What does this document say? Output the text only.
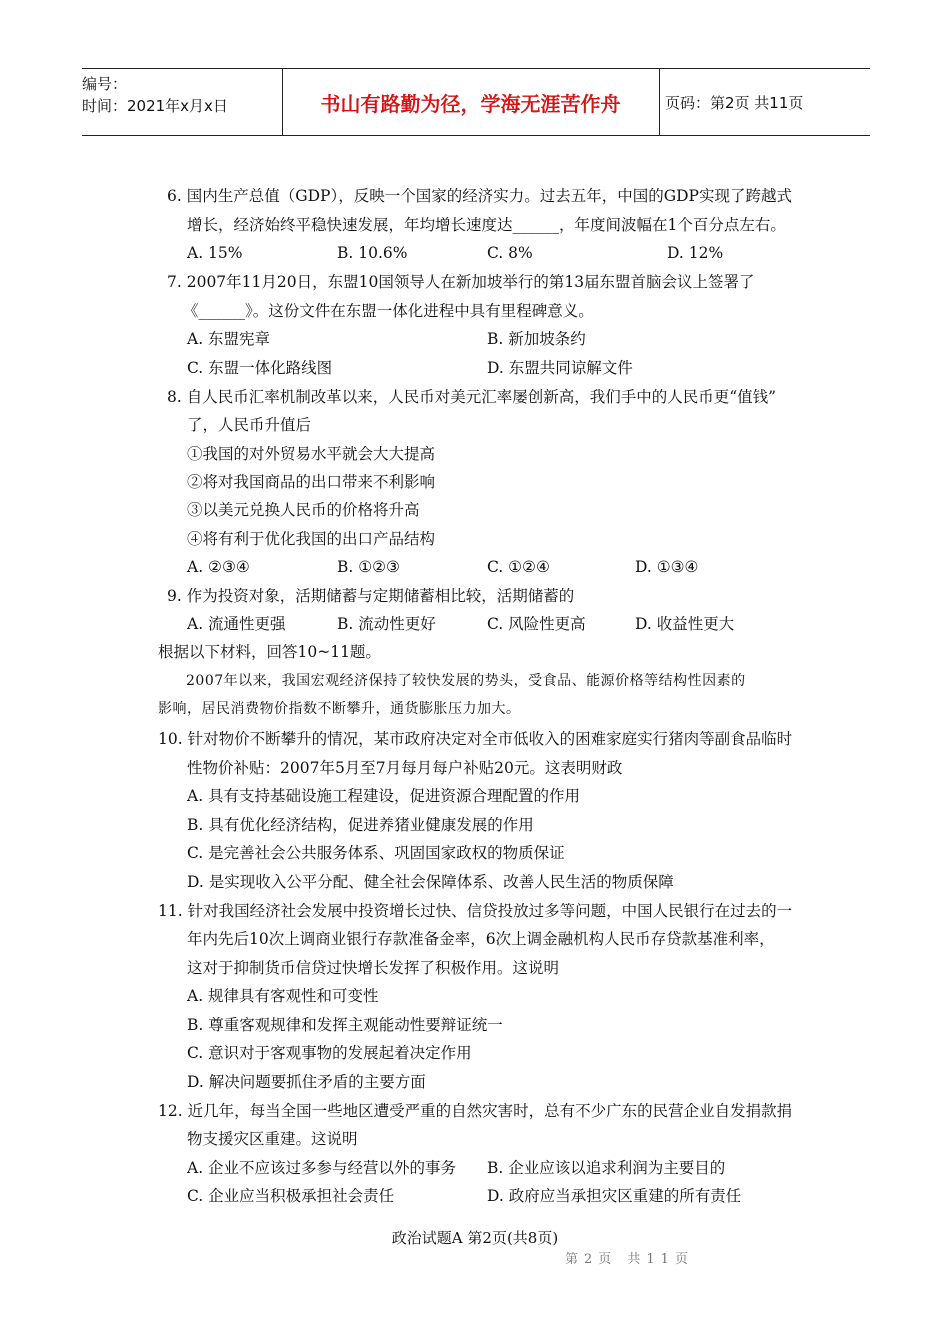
编号：
时间：2021年x月x日	书山有路勤为径，学海无涯苦作舟	页码：第2页 共11页
6. 国内生产总值（GDP），反映一个国家的经济实力。过去五年，中国的GDP实现了跨越式
增长，经济始终平稳快速发展，年均增长速度达______，年度间波幅在1个百分点左右。
A. 15%	B. 10.6%	C. 8%	D. 12%
7. 2007年11月20日，东盟10国领导人在新加坡举行的第13届东盟首脑会议上签署了
《______》。这份文件在东盟一体化进程中具有里程碑意义。
A. 东盟宪章	B. 新加坡条约
C. 东盟一体化路线图	D. 东盟共同谅解文件
8. 自人民币汇率机制改革以来，人民币对美元汇率屡创新高，我们手中的人民币更“值钱”
了，人民币升值后
①我国的对外贸易水平就会大大提高
②将对我国商品的出口带来不利影响
③以美元兑换人民币的价格将升高
④将有利于优化我国的出口产品结构
A. ②③④	B. ①②③	C. ①②④	D. ①③④
9. 作为投资对象，活期储蓄与定期储蓄相比较，活期储蓄的
A. 流通性更强	B. 流动性更好	C. 风险性更高	D. 收益性更大
根据以下材料，回答10~11题。
2007年以来，我国宏观经济保持了较快发展的势头，受食品、能源价格等结构性因素的
影响，居民消费物价指数不断攀升，通货膨胀压力加大。
10. 针对物价不断攀升的情况，某市政府决定对全市低收入的困难家庭实行猪肉等副食品临时
性物价补贴：2007年5月至7月每月每户补贴20元。这表明财政
A. 具有支持基础设施工程建设，促进资源合理配置的作用
B. 具有优化经济结构，促进养猪业健康发展的作用
C. 是完善社会公共服务体系、巩固国家政权的物质保证
D. 是实现收入公平分配、健全社会保障体系、改善人民生活的物质保障
11. 针对我国经济社会发展中投资增长过快、信贷投放过多等问题，中国人民银行在过去的一
年内先后10次上调商业银行存款准备金率，6次上调金融机构人民币存贷款基准利率，
这对于抑制货币信贷过快增长发挥了积极作用。这说明
A. 规律具有客观性和可变性
B. 尊重客观规律和发挥主观能动性要辩证统一
C. 意识对于客观事物的发展起着决定作用
D. 解决问题要抓住矛盾的主要方面
12. 近几年，每当全国一些地区遭受严重的自然灾害时，总有不少广东的民营企业自发捐款捐
物支援灾区重建。这说明
A. 企业不应该过多参与经营以外的事务 B. 企业应该以追求利润为主要目的
C. 企业应当积极承担社会责任	D. 政府应当承担灾区重建的所有责任
政治试题A 第2页(共8页)
第2页 共11页
